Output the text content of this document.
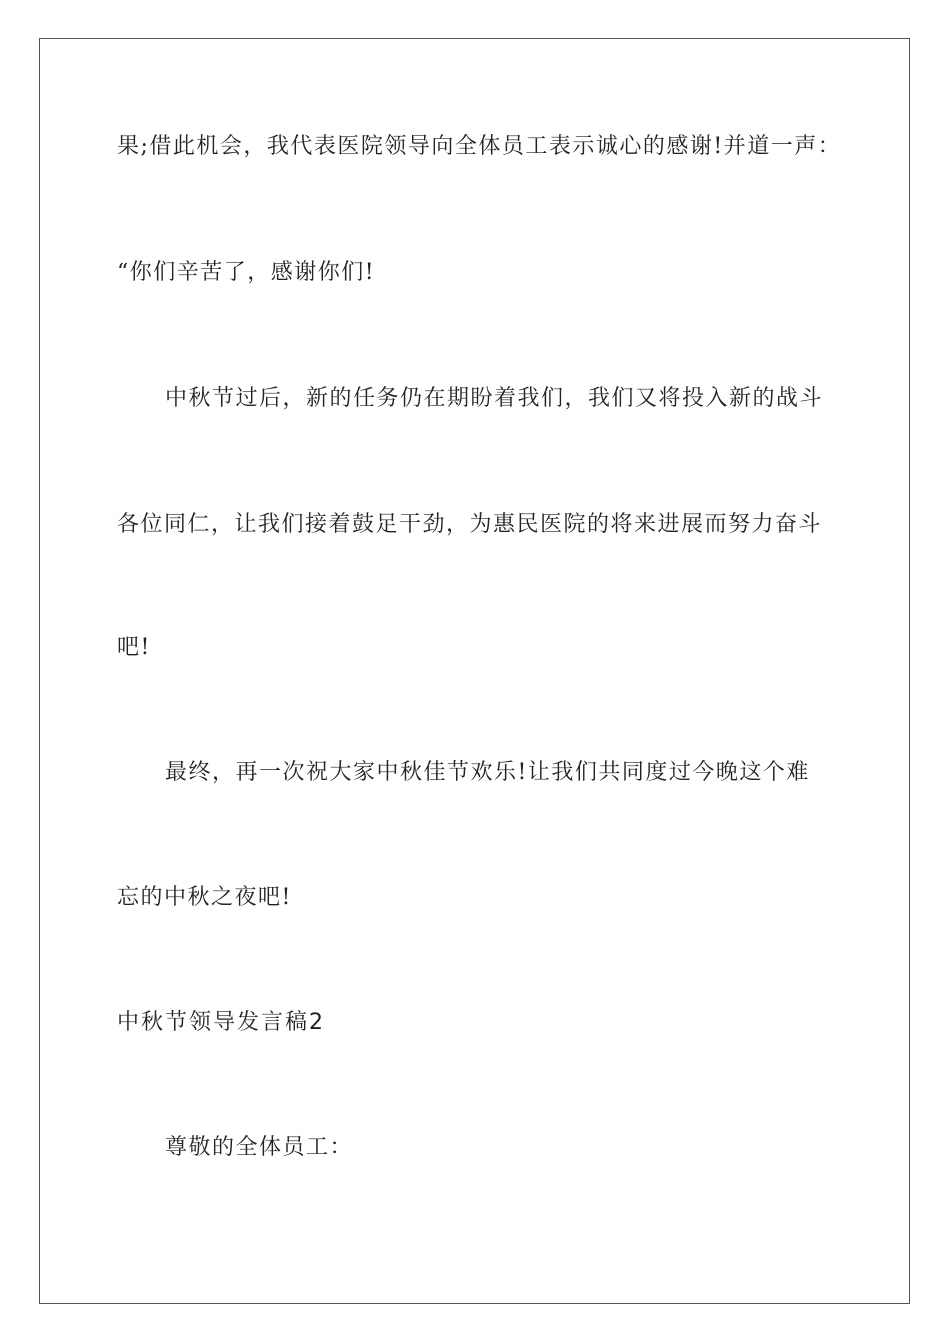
果;借此机会，我代表医院领导向全体员工表示诚心的感谢!并道一声：
“你们辛苦了，感谢你们!
中秋节过后，新的任务仍在期盼着我们，我们又将投入新的战斗
各位同仁，让我们接着鼓足干劲，为惠民医院的将来进展而努力奋斗
吧!
最终，再一次祝大家中秋佳节欢乐!让我们共同度过今晚这个难
忘的中秋之夜吧!
中秋节领导发言稿2
尊敬的全体员工：
